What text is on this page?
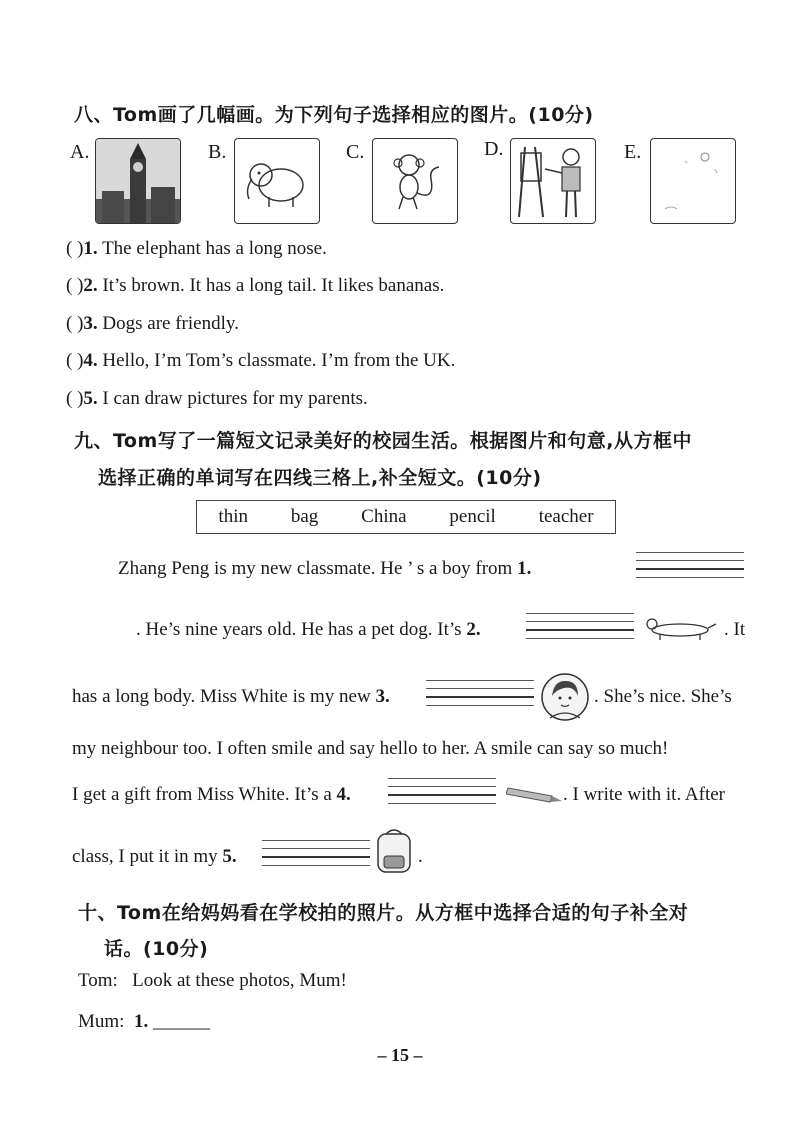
八、Tom画了几幅画。为下列句子选择相应的图片。(10分)
A.	B.	C.	D.	E.
( )1. The elephant has a long nose.
( )2. It’s brown. It has a long tail. It likes bananas.
( )3. Dogs are friendly.
( )4. Hello, I’m Tom’s classmate. I’m from the UK.
( )5. I can draw pictures for my parents.
九、Tom写了一篇短文记录美好的校园生活。根据图片和句意,从方框中
选择正确的单词写在四线三格上,补全短文。(10分)
thin bag China pencil teacher
Zhang Peng is my new classmate. He ’ s a boy from 1.
. He’s nine years old. He has a pet dog. It’s 2.	. It
has a long body. Miss White is my new 3.	. She’s nice. She’s
my neighbour too. I often smile and say hello to her. A smile can say so much!
I get a gift from Miss White. It’s a 4.	. I write with it. After
class, I put it in my 5.	.
十、Tom在给妈妈看在学校拍的照片。从方框中选择合适的句子补全对
话。(10分)
Tom: Look at these photos, Mum!
Mum: 1. ______
– 15 –
